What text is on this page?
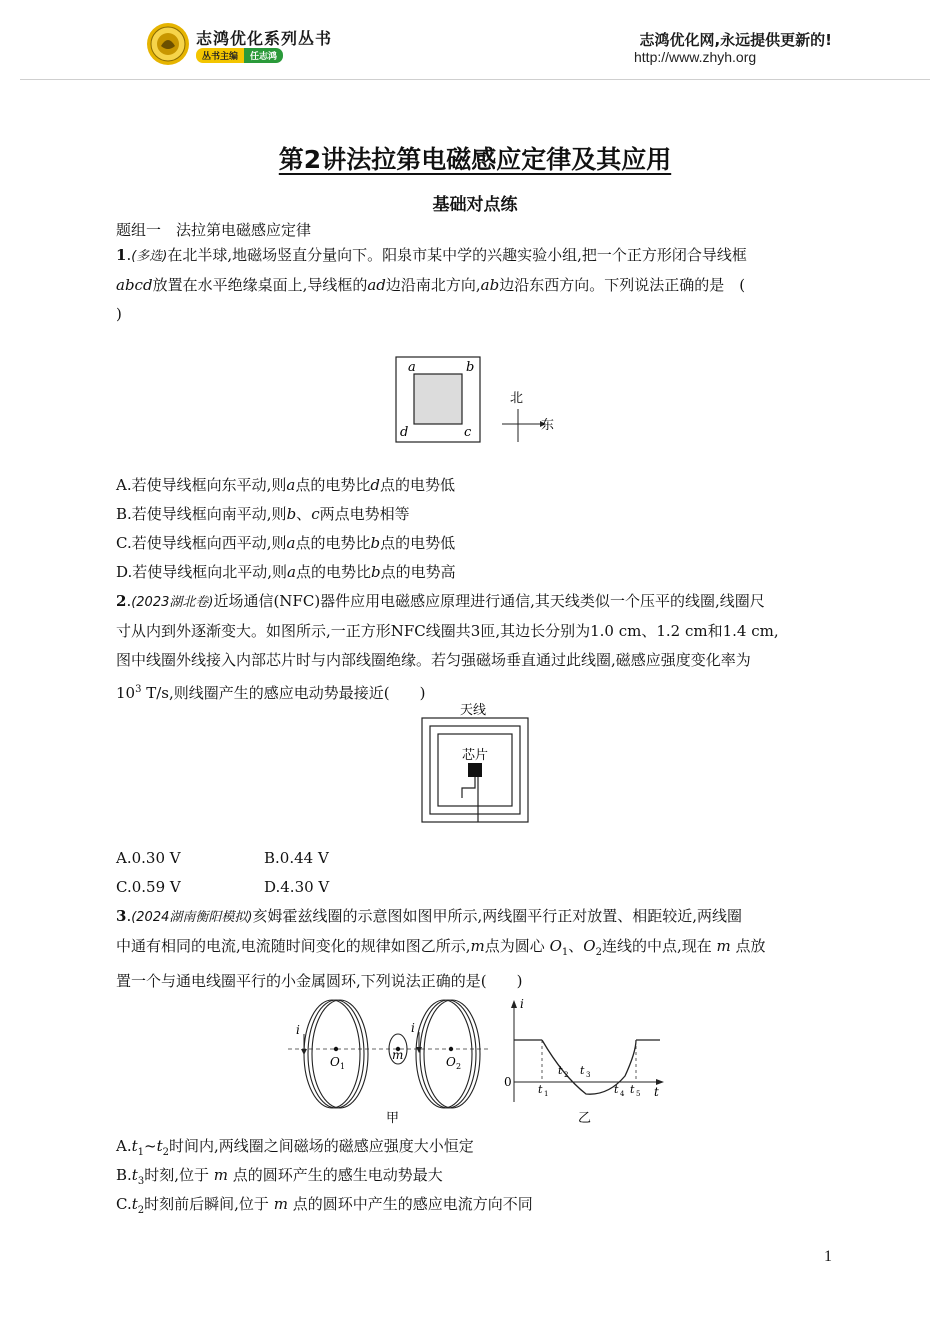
志鸿优化系列丛书
丛书主编	任志鸿
志鸿优化网,永远提供更新的!
http://www.zhyh.org
第2讲法拉第电磁感应定律及其应用
基础对点练
题组一　法拉第电磁感应定律
1.(多选)在北半球,地磁场竖直分量向下。阳泉市某中学的兴趣实验小组,把一个正方形闭合导线框
abcd放置在水平绝缘桌面上,导线框的ad边沿南北方向,ab边沿东西方向。下列说法正确的是　(
)
a	b
d	c
北
东
A.若使导线框向东平动,则a点的电势比d点的电势低
B.若使导线框向南平动,则b、c两点电势相等
C.若使导线框向西平动,则a点的电势比b点的电势低
D.若使导线框向北平动,则a点的电势比b点的电势高
2.(2023湖北卷)近场通信(NFC)器件应用电磁感应原理进行通信,其天线类似一个压平的线圈,线圈尺
寸从内到外逐渐变大。如图所示,一正方形NFC线圈共3匝,其边长分别为1.0 cm、1.2 cm和1.4 cm,
图中线圈外线接入内部芯片时与内部线圈绝缘。若匀强磁场垂直通过此线圈,磁感应强度变化率为
$10^3$ T/s,则线圈产生的感应电动势最接近(　　)
天线
芯片
A.0.30 V	B.0.44 V
C.0.59 V	D.4.30 V
3.(2024湖南衡阳模拟)亥姆霍兹线圈的示意图如图甲所示,两线圈平行正对放置、相距较近,两线圈
中通有相同的电流,电流随时间变化的规律如图乙所示,m点为圆心 $O_1$、$O_2$连线的中点,现在 m 点放
置一个与通电线圈平行的小金属圆环,下列说法正确的是(　　)
i	i
O 1
m	O 2
甲
i
0
t
t 1
t 2 t 3
t 4 t 5
乙
$A.t_1\sim t_2$时间内,两线圈之间磁场的磁感应强度大小恒定
$B.t_3$时刻,位于 m 点的圆环产生的感生电动势最大
$C.t_2$时刻前后瞬间,位于 m 点的圆环中产生的感应电流方向不同
1
